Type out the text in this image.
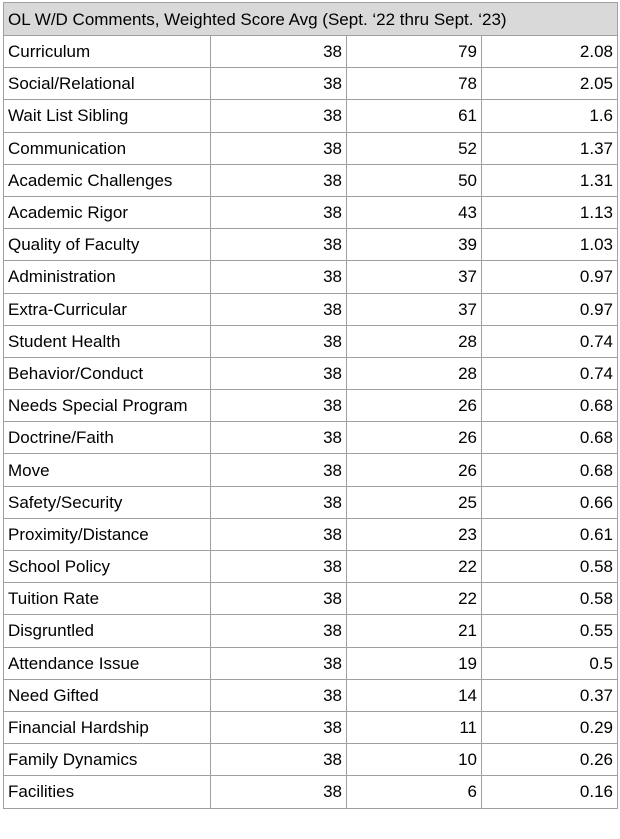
OL W/D Comments, Weighted Score Avg (Sept. ‘22 thru Sept. ‘23)			
Curriculum	38	79	2.08
Social/Relational	38	78	2.05
Wait List Sibling	38	61	1.6
Communication	38	52	1.37
Academic Challenges	38	50	1.31
Academic Rigor	38	43	1.13
Quality of Faculty	38	39	1.03
Administration	38	37	0.97
Extra-Curricular	38	37	0.97
Student Health	38	28	0.74
Behavior/Conduct	38	28	0.74
Needs Special Program	38	26	0.68
Doctrine/Faith	38	26	0.68
Move	38	26	0.68
Safety/Security	38	25	0.66
Proximity/Distance	38	23	0.61
School Policy	38	22	0.58
Tuition Rate	38	22	0.58
Disgruntled	38	21	0.55
Attendance Issue	38	19	0.5
Need Gifted	38	14	0.37
Financial Hardship	38	11	0.29
Family Dynamics	38	10	0.26
Facilities	38	6	0.16
